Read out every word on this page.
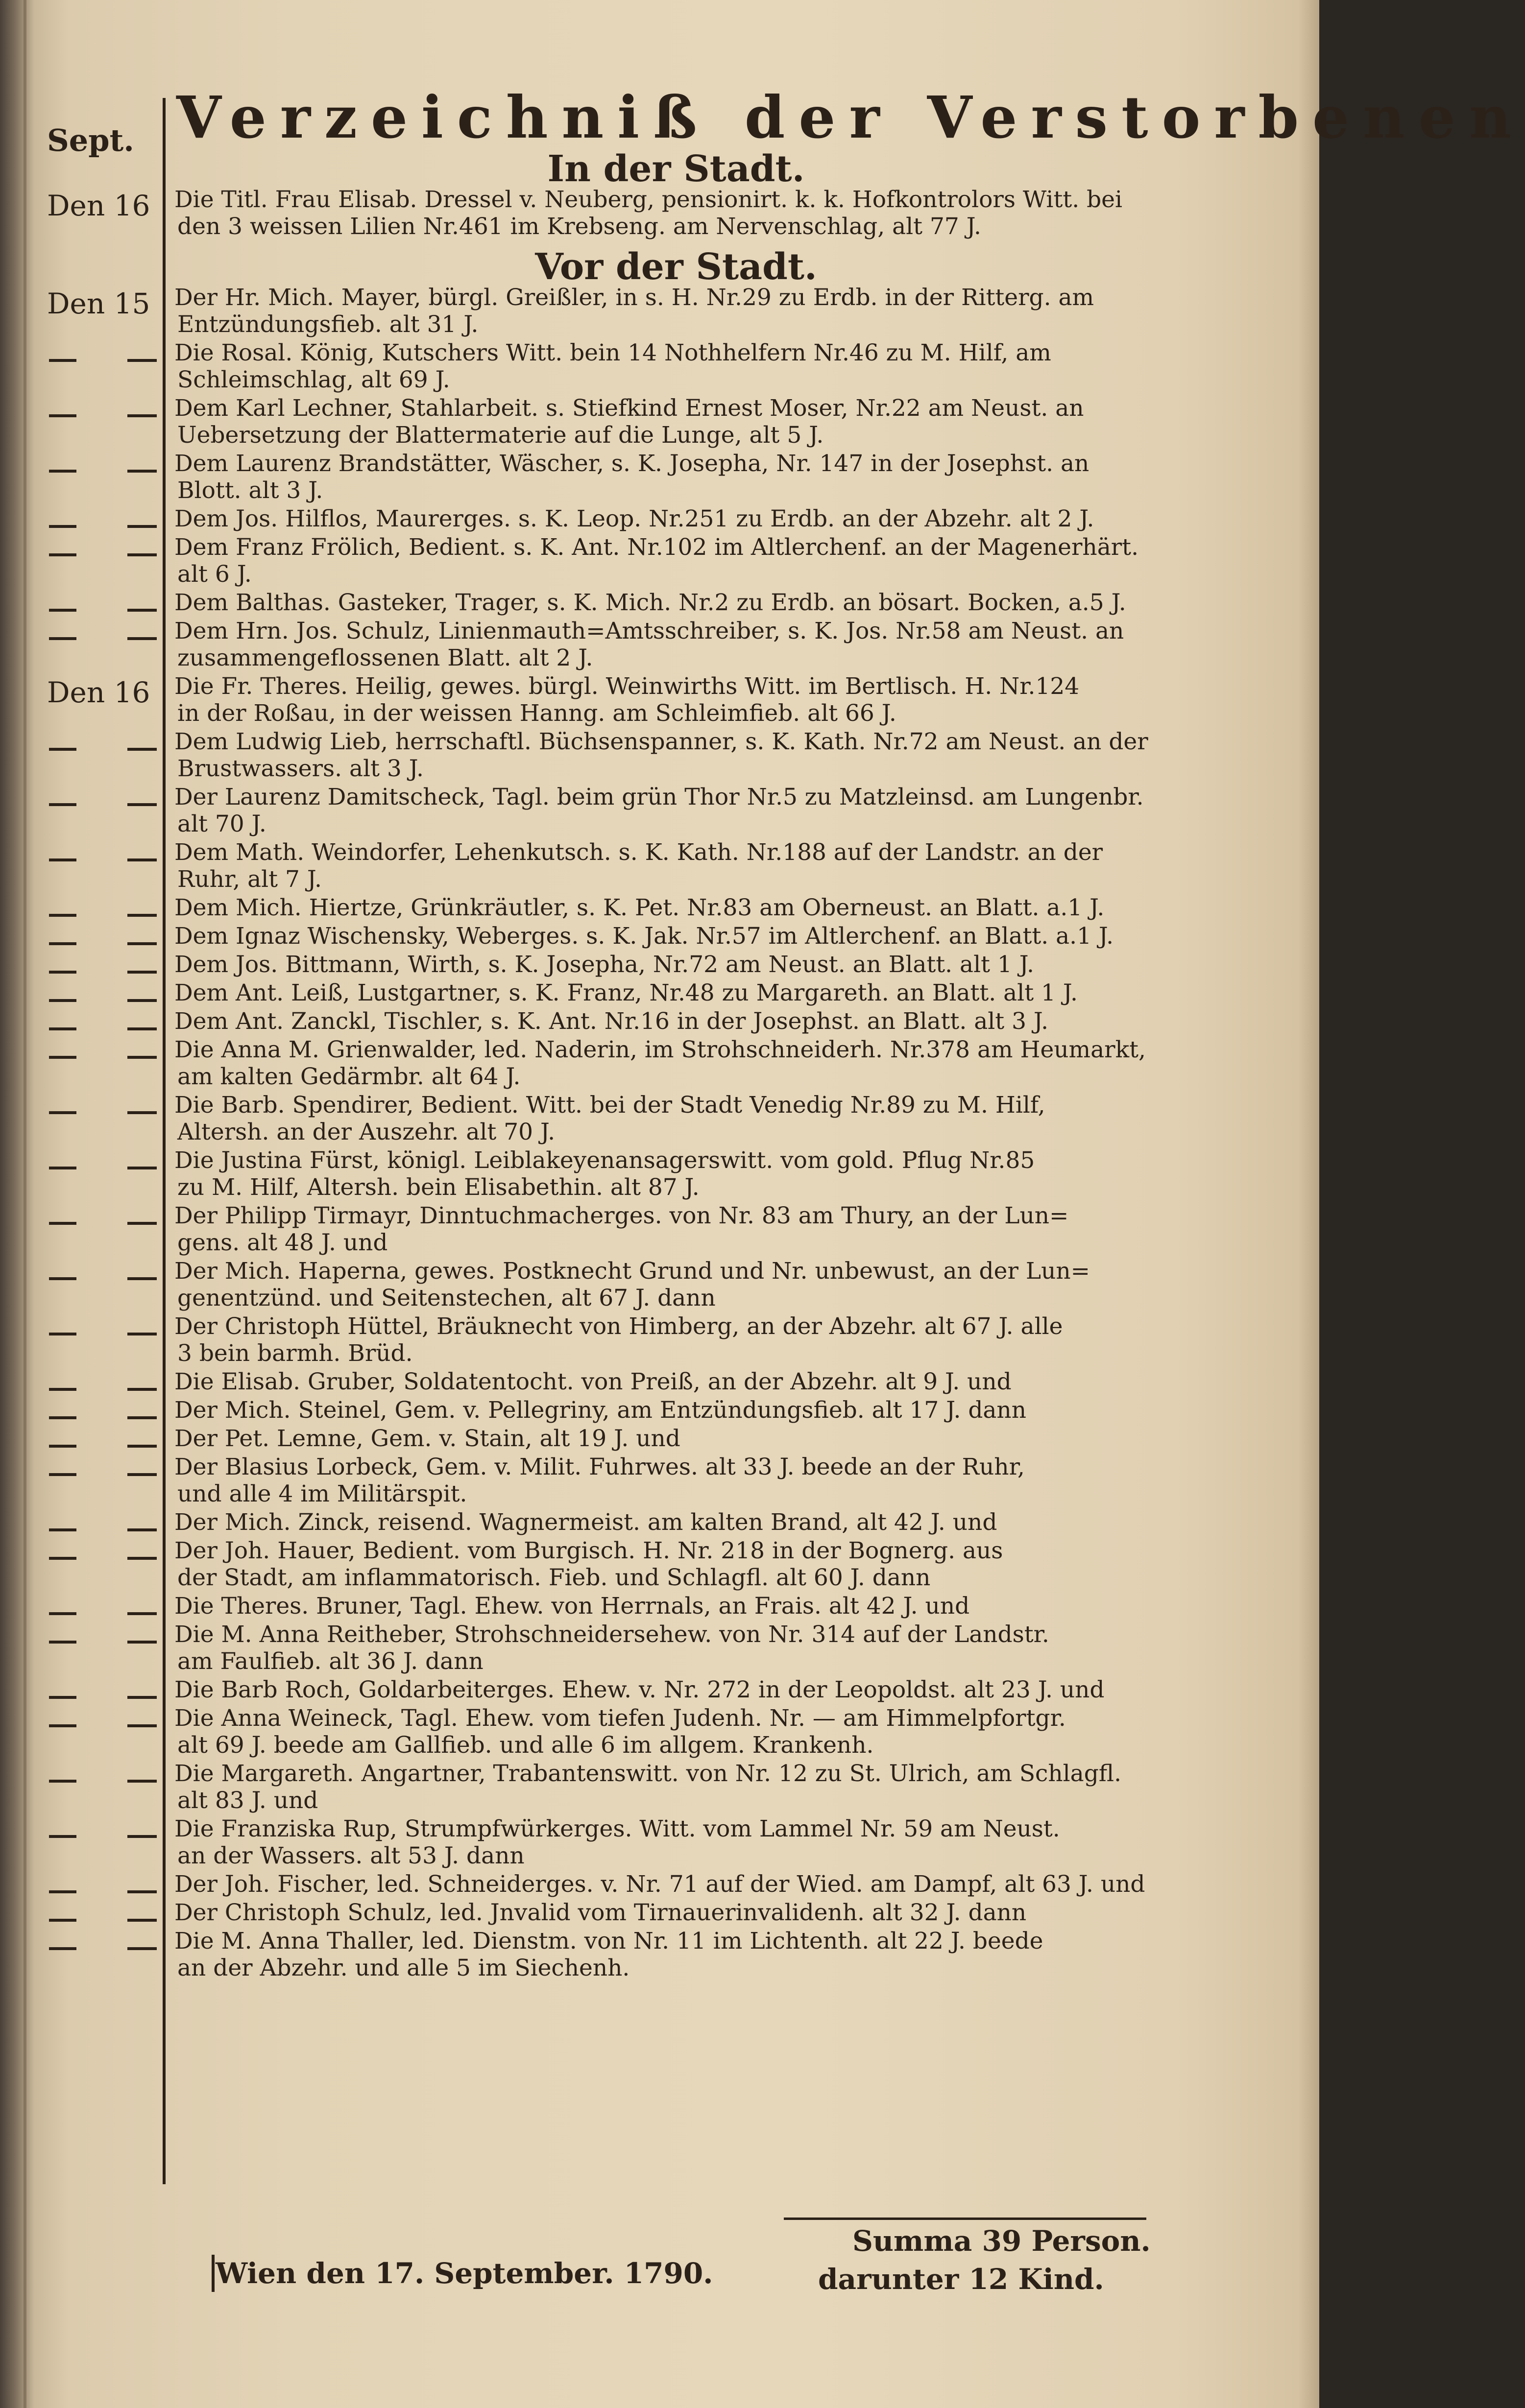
Sept. Verzeichniß der Verstorbenen
In der Stadt.
Vor der Stadt.
Den 16 Die Titl. Frau Elisab. Dressel v. Neuberg, pensionirt. k. k. Hofkontrolors Witt. bei
den 3 weissen Lilien Nr.461 im Krebseng. am Nervenschlag, alt 77 J.
Den 15 Der Hr. Mich. Mayer, bürgl. Greißler, in s. H. Nr.29 zu Erdb. in der Ritterg. am
Entzündungsfieb. alt 31 J.
Die Rosal. König, Kutschers Witt. bein 14 Nothhelfern Nr.46 zu M. Hilf, am
Schleimschlag, alt 69 J.
Dem Karl Lechner, Stahlarbeit. s. Stiefkind Ernest Moser, Nr.22 am Neust. an
Uebersetzung der Blattermaterie auf die Lunge, alt 5 J.
Dem Laurenz Brandstätter, Wäscher, s. K. Josepha, Nr. 147 in der Josephst. an
Blott. alt 3 J.
Dem Jos. Hilflos, Maurerges. s. K. Leop. Nr.251 zu Erdb. an der Abzehr. alt 2 J.
Dem Franz Frölich, Bedient. s. K. Ant. Nr.102 im Altlerchenf. an der Magenerhärt.
alt 6 J.
Dem Balthas. Gasteker, Trager, s. K. Mich. Nr.2 zu Erdb. an bösart. Bocken, a.5 J.
Dem Hrn. Jos. Schulz, Linienmauth=Amtsschreiber, s. K. Jos. Nr.58 am Neust. an
zusammengeflossenen Blatt. alt 2 J.
Den 16 Die Fr. Theres. Heilig, gewes. bürgl. Weinwirths Witt. im Bertlisch. H. Nr.124
in der Roßau, in der weissen Hanng. am Schleimfieb. alt 66 J.
Dem Ludwig Lieb, herrschaftl. Büchsenspanner, s. K. Kath. Nr.72 am Neust. an der
Brustwassers. alt 3 J.
Der Laurenz Damitscheck, Tagl. beim grün Thor Nr.5 zu Matzleinsd. am Lungenbr.
alt 70 J.
Dem Math. Weindorfer, Lehenkutsch. s. K. Kath. Nr.188 auf der Landstr. an der
Ruhr, alt 7 J.
Dem Mich. Hiertze, Grünkräutler, s. K. Pet. Nr.83 am Oberneust. an Blatt. a.1 J.
Dem Ignaz Wischensky, Weberges. s. K. Jak. Nr.57 im Altlerchenf. an Blatt. a.1 J.
Dem Jos. Bittmann, Wirth, s. K. Josepha, Nr.72 am Neust. an Blatt. alt 1 J.
Dem Ant. Leiß, Lustgartner, s. K. Franz, Nr.48 zu Margareth. an Blatt. alt 1 J.
Dem Ant. Zanckl, Tischler, s. K. Ant. Nr.16 in der Josephst. an Blatt. alt 3 J.
Die Anna M. Grienwalder, led. Naderin, im Strohschneiderh. Nr.378 am Heumarkt,
am kalten Gedärmbr. alt 64 J.
Die Barb. Spendirer, Bedient. Witt. bei der Stadt Venedig Nr.89 zu M. Hilf,
Altersh. an der Auszehr. alt 70 J.
Die Justina Fürst, königl. Leiblakeyenansagerswitt. vom gold. Pflug Nr.85
zu M. Hilf, Altersh. bein Elisabethin. alt 87 J.
Der Philipp Tirmayr, Dinntuchmacherges. von Nr. 83 am Thury, an der Lun=
gens. alt 48 J. und
Der Mich. Haperna, gewes. Postknecht Grund und Nr. unbewust, an der Lun=
genentzünd. und Seitenstechen, alt 67 J. dann
Der Christoph Hüttel, Bräuknecht von Himberg, an der Abzehr. alt 67 J. alle
3 bein barmh. Brüd.
Die Elisab. Gruber, Soldatentocht. von Preiß, an der Abzehr. alt 9 J. und
Der Mich. Steinel, Gem. v. Pellegriny, am Entzündungsfieb. alt 17 J. dann
Der Pet. Lemne, Gem. v. Stain, alt 19 J. und
Der Blasius Lorbeck, Gem. v. Milit. Fuhrwes. alt 33 J. beede an der Ruhr,
und alle 4 im Militärspit.
Der Mich. Zinck, reisend. Wagnermeist. am kalten Brand, alt 42 J. und
Der Joh. Hauer, Bedient. vom Burgisch. H. Nr. 218 in der Bognerg. aus
der Stadt, am inflammatorisch. Fieb. und Schlagfl. alt 60 J. dann
Die Theres. Bruner, Tagl. Ehew. von Herrnals, an Frais. alt 42 J. und
Die M. Anna Reitheber, Strohschneidersehew. von Nr. 314 auf der Landstr.
am Faulfieb. alt 36 J. dann
Die Barb Roch, Goldarbeiterges. Ehew. v. Nr. 272 in der Leopoldst. alt 23 J. und
Die Anna Weineck, Tagl. Ehew. vom tiefen Judenh. Nr. — am Himmelpfortgr.
alt 69 J. beede am Gallfieb. und alle 6 im allgem. Krankenh.
Die Margareth. Angartner, Trabantenswitt. von Nr. 12 zu St. Ulrich, am Schlagfl.
alt 83 J. und
Die Franziska Rup, Strumpfwürkerges. Witt. vom Lammel Nr. 59 am Neust.
an der Wassers. alt 53 J. dann
Der Joh. Fischer, led. Schneiderges. v. Nr. 71 auf der Wied. am Dampf, alt 63 J. und
Der Christoph Schulz, led. Jnvalid vom Tirnauerinvalidenh. alt 32 J. dann
Die M. Anna Thaller, led. Dienstm. von Nr. 11 im Lichtenth. alt 22 J. beede
an der Abzehr. und alle 5 im Siechenh.
Summa 39 Person.
darunter 12 Kind.
Wien den 17. September. 1790.
